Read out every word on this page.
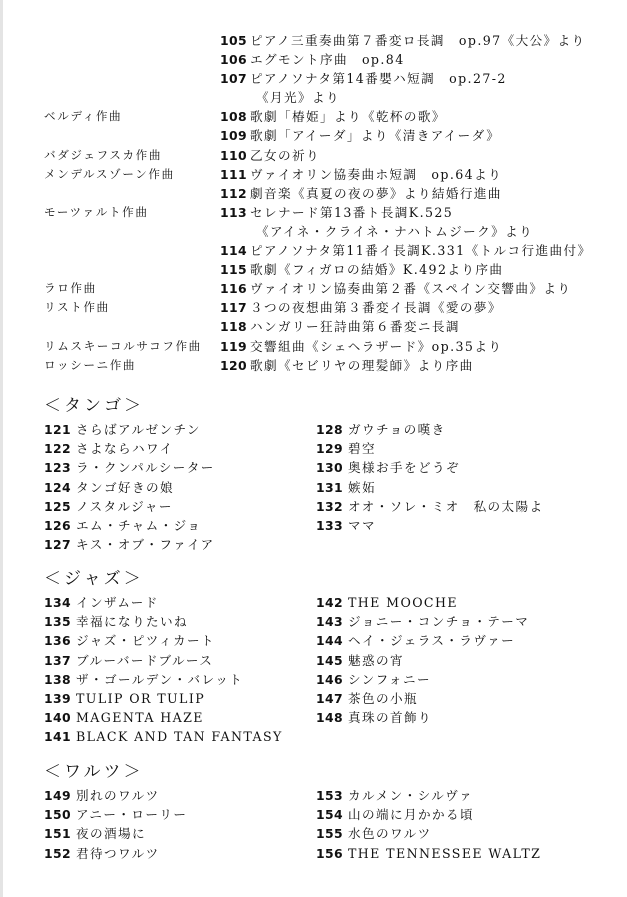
105 ピアノ三重奏曲第７番変ロ長調　op.97《大公》より
106 エグモント序曲　op.84
107 ピアノソナタ第14番嬰ハ短調　op.27-2
《月光》より
ベルディ作曲	108 歌劇「椿姫」より《乾杯の歌》
109 歌劇「アイーダ」より《清きアイーダ》
バダジェフスカ作曲	110 乙女の祈り
メンデルスゾーン作曲	111 ヴァイオリン協奏曲ホ短調　op.64より
112 劇音楽《真夏の夜の夢》より結婚行進曲
モーツァルト作曲	113 セレナード第13番ト長調K.525
《アイネ・クライネ・ナハトムジーク》より
114 ピアノソナタ第11番イ長調K.331《トルコ行進曲付》
115 歌劇《フィガロの結婚》K.492より序曲
ラロ作曲	116 ヴァイオリン協奏曲第２番《スペイン交響曲》より
リスト作曲	117 ３つの夜想曲第３番変イ長調《愛の夢》
118 ハンガリー狂詩曲第６番変ニ長調
リムスキーコルサコフ作曲	119 交響組曲《シェヘラザード》op.35より
ロッシーニ作曲	120 歌劇《セビリヤの理髪師》より序曲
＜タンゴ＞
121 さらばアルゼンチン
122 さよならハワイ
123 ラ・クンパルシーター
124 タンゴ好きの娘
125 ノスタルジャー
126 エム・チャム・ジョ
127 キス・オブ・ファイア
128 ガウチョの嘆き
129 碧空
130 奥様お手をどうぞ
131 嫉妬
132 オオ・ソレ・ミオ　私の太陽よ
133 ママ
＜ジャズ＞
134 インザムード
135 幸福になりたいね
136 ジャズ・ピツィカート
137 ブルーバードブルース
138 ザ・ゴールデン・バレット
139 TULIP OR TULIP
140 MAGENTA HAZE
141 BLACK AND TAN FANTASY
142 THE MOOCHE
143 ジョニー・コンチョ・テーマ
144 ヘイ・ジェラス・ラヴァー
145 魅惑の宵
146 シンフォニー
147 茶色の小瓶
148 真珠の首飾り
＜ワルツ＞
149 別れのワルツ
150 アニー・ローリー
151 夜の酒場に
152 君待つワルツ
153 カルメン・シルヴァ
154 山の端に月かかる頃
155 水色のワルツ
156 THE TENNESSEE WALTZ
